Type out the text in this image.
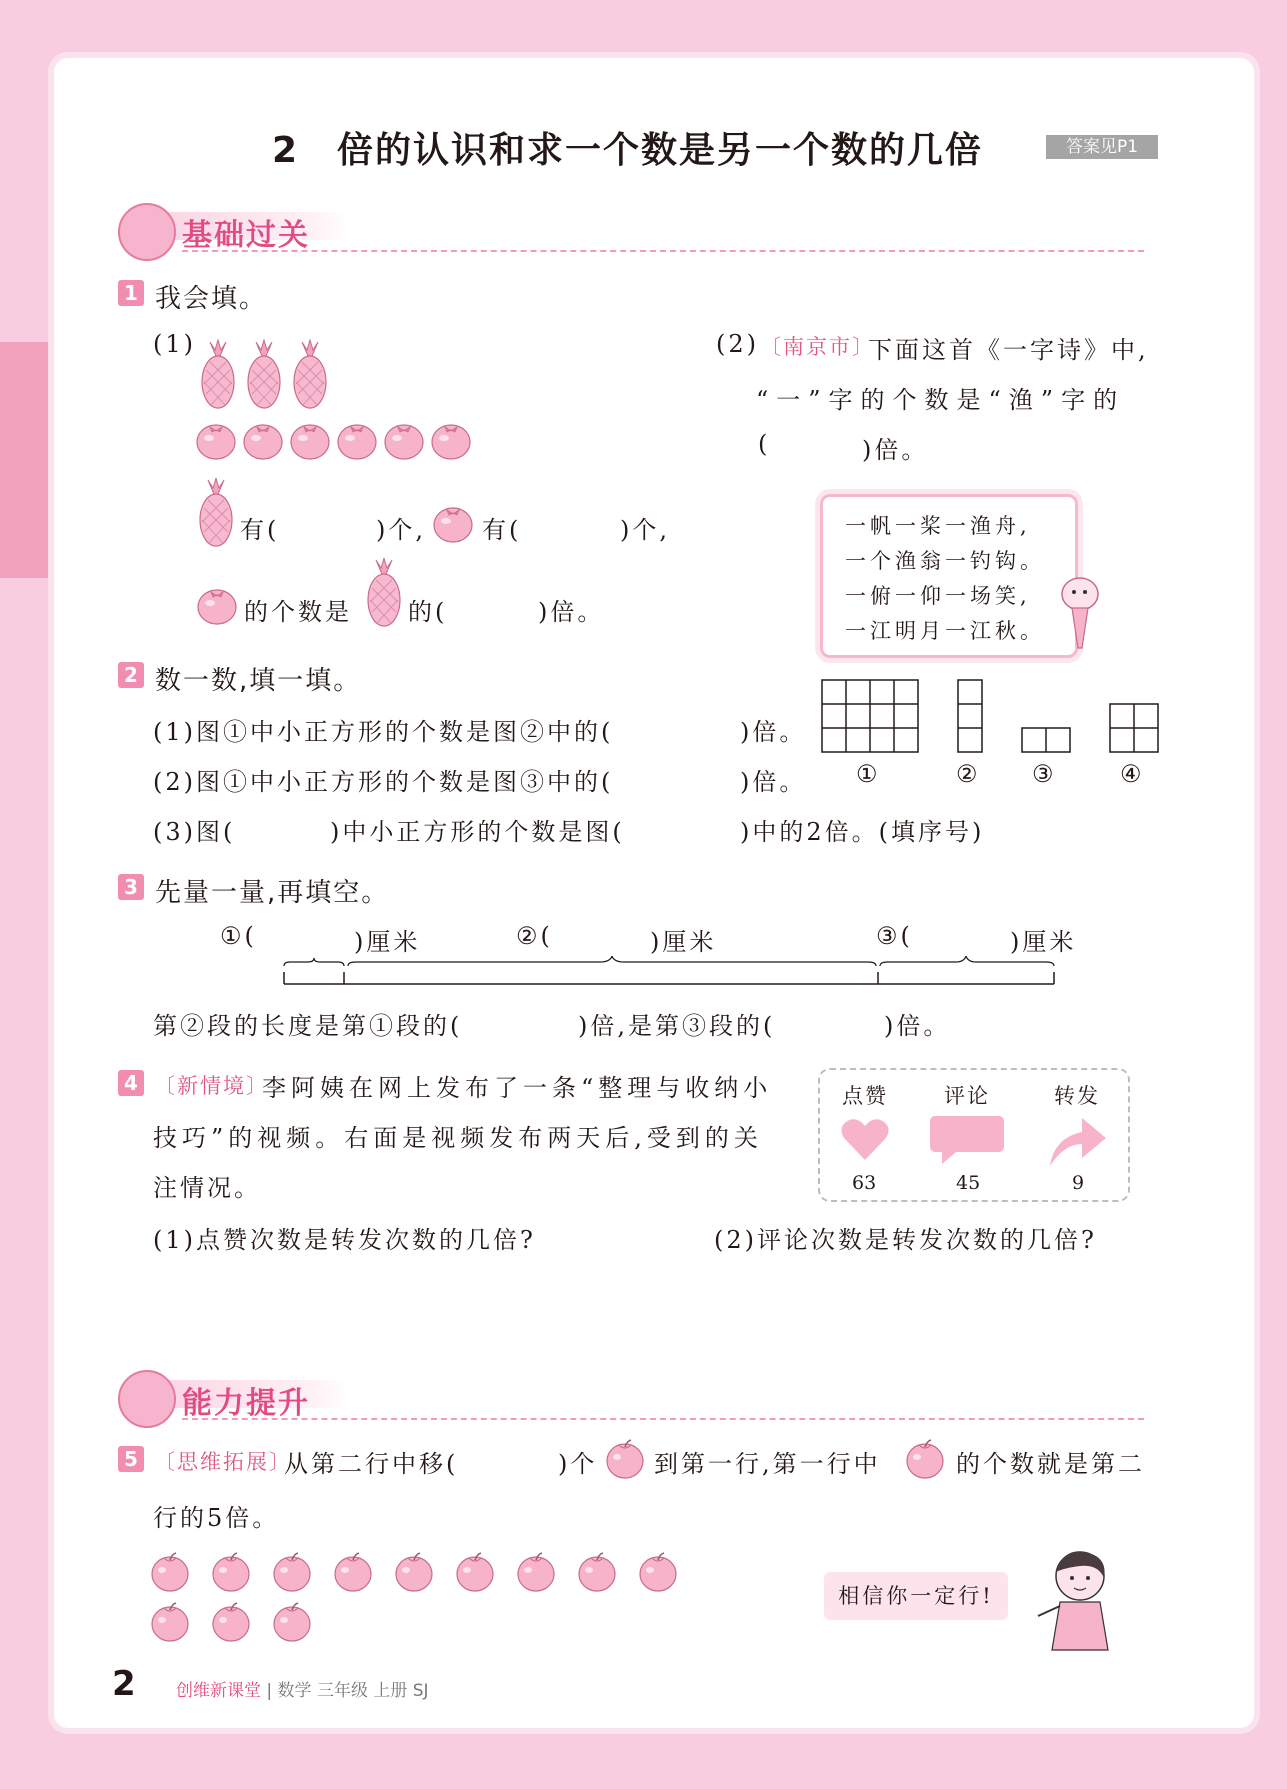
2　倍的认识和求一个数是另一个数的几倍	答案见P1
基础过关
1 我会填。
(1)
有(	)个, 有(	)个,
的个数是 的(	)倍。
(2) 〔南京市〕
下面这首《一字诗》中,
“一”字的个数是“渔”字的
(	)倍。
一帆一桨一渔舟,
一个渔翁一钓钩。
一俯一仰一场笑,
一江明月一江秋。
2 数一数,填一填。
(1)图①中小正方形的个数是图②中的(	)倍。
(2)图①中小正方形的个数是图③中的(	)倍。
(3)图(	)中小正方形的个数是图(	)中的2倍。(填序号)
①	② ③	④
3 先量一量,再填空。
①(	)厘米	②(	)厘米	③(	)厘米
第②段的长度是第①段的(	)倍,是第③段的(	)倍。
4 〔新情境〕
李阿姨在网上发布了一条“整理与收纳小
技巧”的视频。右面是视频发布两天后,受到的关
注情况。
点赞	评论	转发
63	45	9
(1)点赞次数是转发次数的几倍?	(2)评论次数是转发次数的几倍?
能力提升
5 〔思维拓展〕
从第二行中移(	)个 到第一行,第一行中	的个数就是第二
行的5倍。
相信你一定行!
2 创维新课堂 | 数学 三年级 上册 SJ
